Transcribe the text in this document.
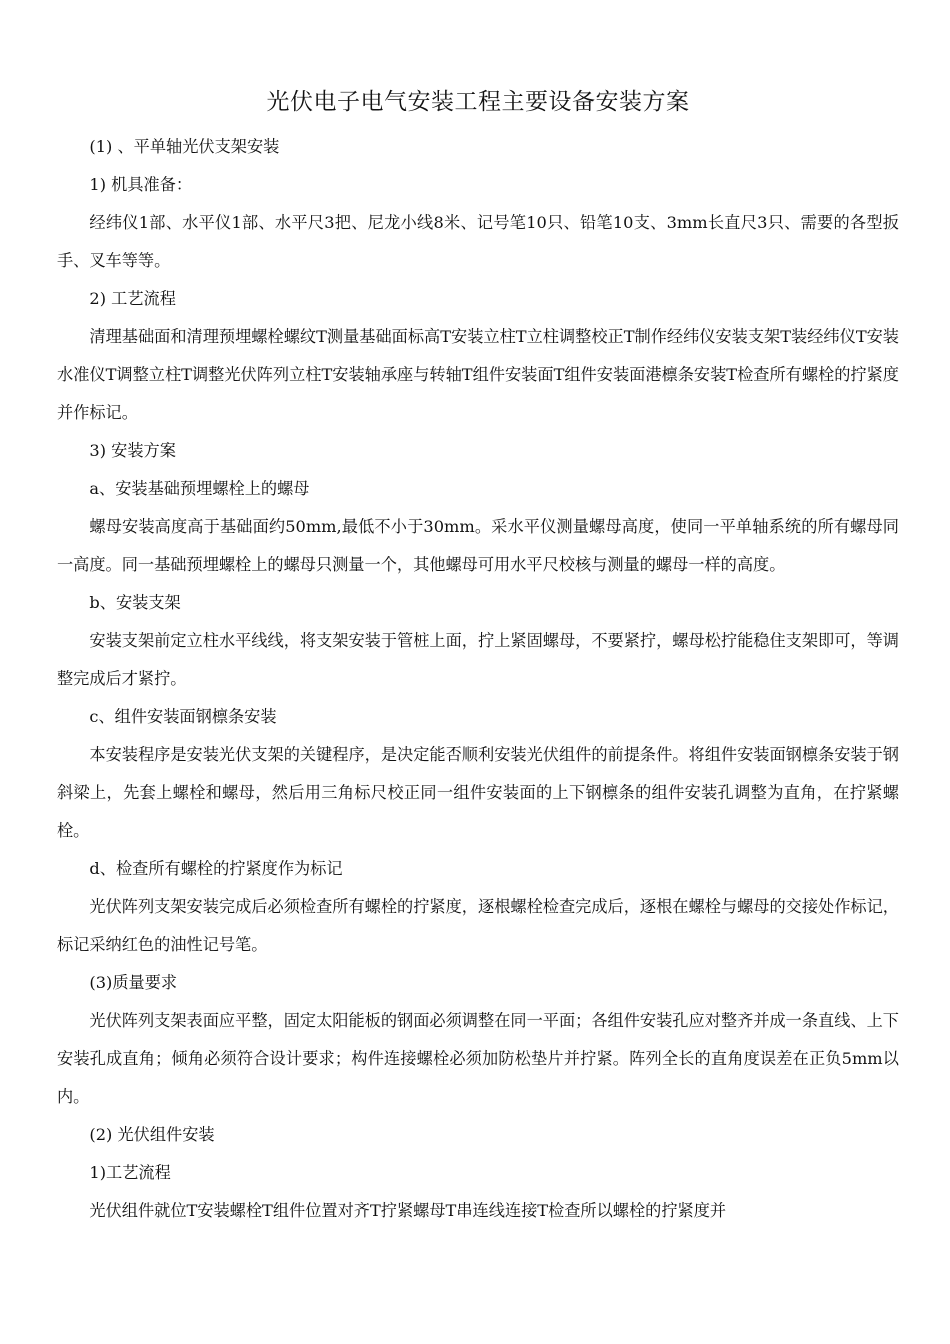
光伏电子电气安装工程主要设备安装方案

(1) 、平单轴光伏支架安装

1) 机具准备：

经纬仪1部、水平仪1部、水平尺3把、尼龙小线8米、记号笔10只、铅笔10支、3mm长直尺3只、需要的各型扳手、叉车等等。

2) 工艺流程

清理基础面和清理预埋螺栓螺纹T测量基础面标高T安装立柱T立柱调整校正T制作经纬仪安装支架T装经纬仪T安装水准仪T调整立柱T调整光伏阵列立柱T安装轴承座与转轴T组件安装面T组件安装面港檩条安装T检查所有螺栓的拧紧度并作标记。

3) 安装方案

a、安装基础预埋螺栓上的螺母

螺母安装高度高于基础面约50mm,最低不小于30mm。采水平仪测量螺母高度，使同一平单轴系统的所有螺母同一高度。同一基础预埋螺栓上的螺母只测量一个，其他螺母可用水平尺校核与测量的螺母一样的高度。

b、安装支架

安装支架前定立柱水平线线，将支架安装于管桩上面，拧上紧固螺母，不要紧拧，螺母松拧能稳住支架即可，等调整完成后才紧拧。

c、组件安装面钢檩条安装

本安装程序是安装光伏支架的关键程序，是决定能否顺利安装光伏组件的前提条件。将组件安装面钢檩条安装于钢斜梁上，先套上螺栓和螺母，然后用三角标尺校正同一组件安装面的上下钢檩条的组件安装孔调整为直角，在拧紧螺栓。

d、检查所有螺栓的拧紧度作为标记

光伏阵列支架安装完成后必须检查所有螺栓的拧紧度，逐根螺栓检查完成后，逐根在螺栓与螺母的交接处作标记，标记采纳红色的油性记号笔。

(3)质量要求

光伏阵列支架表面应平整，固定太阳能板的钢面必须调整在同一平面；各组件安装孔应对整齐并成一条直线、上下安装孔成直角；倾角必须符合设计要求；构件连接螺栓必须加防松垫片并拧紧。阵列全长的直角度误差在正负5mm以内。

(2) 光伏组件安装

1)工艺流程

光伏组件就位T安装螺栓T组件位置对齐T拧紧螺母T串连线连接T检查所以螺栓的拧紧度并
